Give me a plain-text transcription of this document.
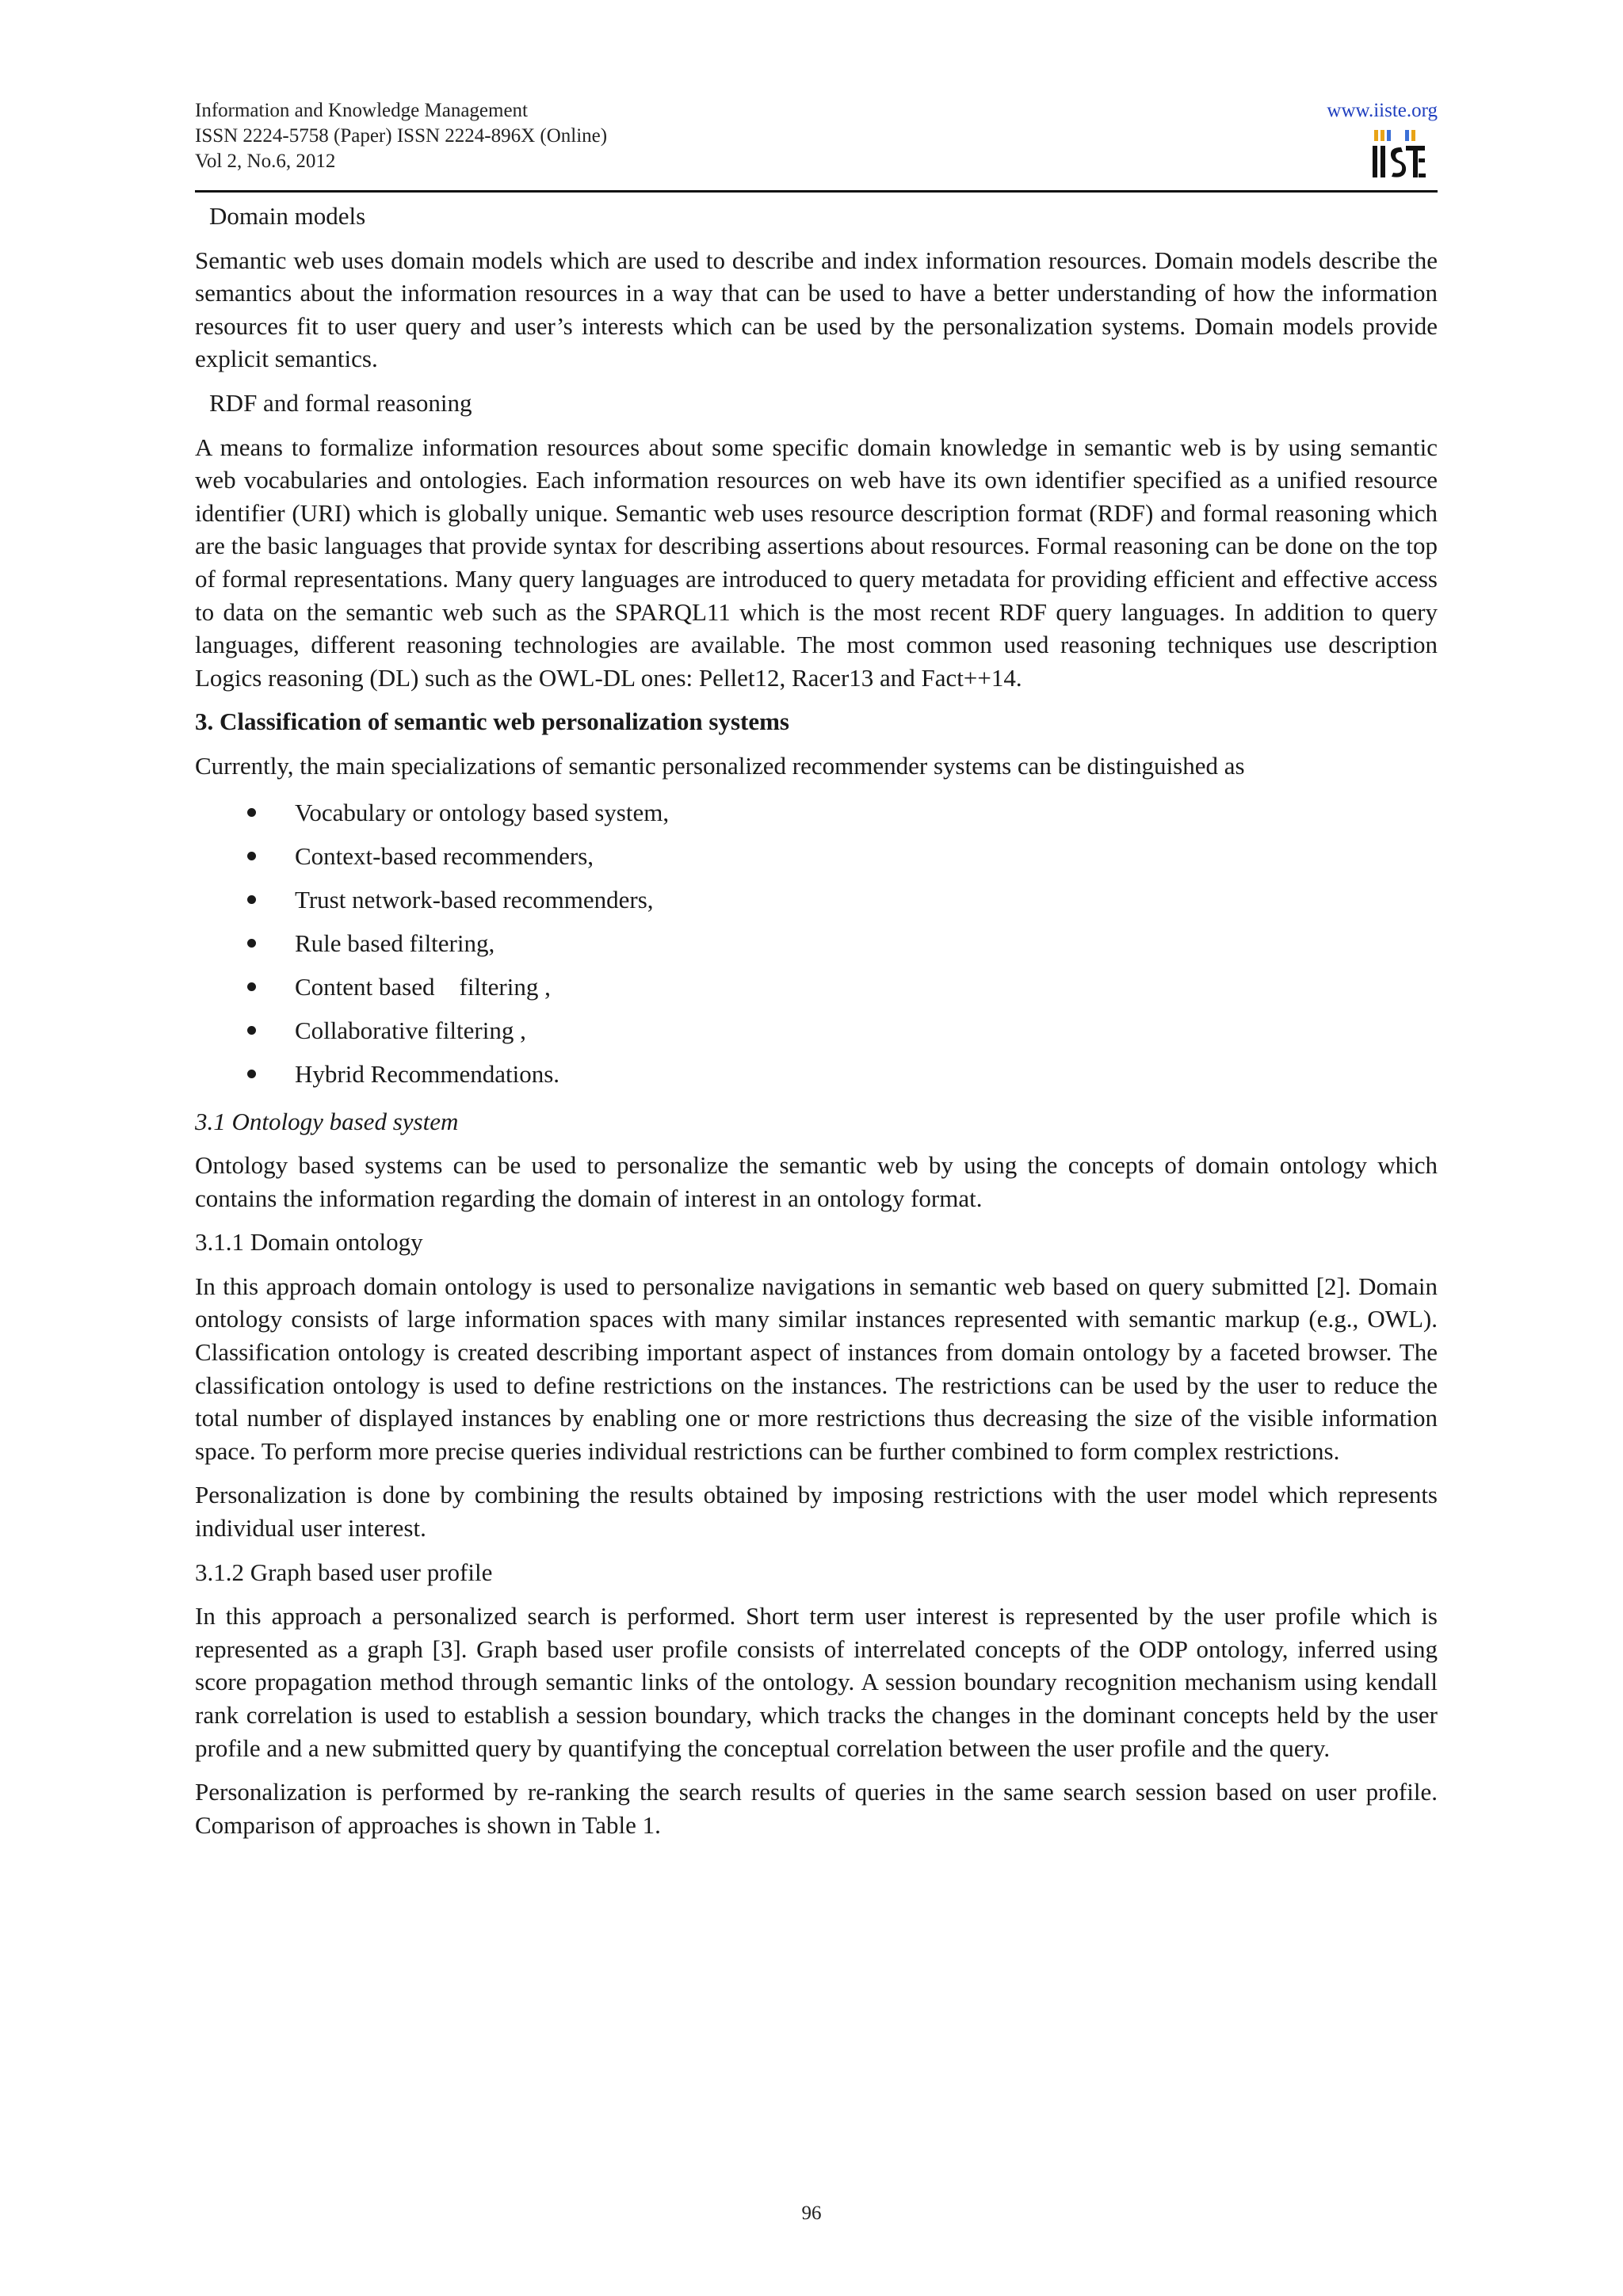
Information and Knowledge Management
ISSN 2224-5758 (Paper) ISSN 2224-896X (Online)
Vol 2, No.6, 2012
www.iiste.org

Domain models

Semantic web uses domain models which are used to describe and index information resources. Domain models describe the semantics about the information resources in a way that can be used to have a better understanding of how the information resources fit to user query and user’s interests which can be used by the personalization systems. Domain models provide explicit semantics.

RDF and formal reasoning

A means to formalize information resources about some specific domain knowledge in semantic web is by using semantic web vocabularies and ontologies. Each information resources on web have its own identifier specified as a unified resource identifier (URI) which is globally unique. Semantic web uses resource description format (RDF) and formal reasoning which are the basic languages that provide syntax for describing assertions about resources. Formal reasoning can be done on the top of formal representations. Many query languages are introduced to query metadata for providing efficient and effective access to data on the semantic web such as the SPARQL11 which is the most recent RDF query languages. In addition to query languages, different reasoning technologies are available. The most common used reasoning techniques use description Logics reasoning (DL) such as the OWL-DL ones: Pellet12, Racer13 and Fact++14.

3. Classification of semantic web personalization systems

Currently, the main specializations of semantic personalized recommender systems can be distinguished as

Vocabulary or ontology based system,
Context-based recommenders,
Trust network-based recommenders,
Rule based filtering,
Content based    filtering ,
Collaborative filtering ,
Hybrid Recommendations.

3.1 Ontology based system

Ontology based systems can be used to personalize the semantic web by using the concepts of domain ontology which contains the information regarding the domain of interest in an ontology format.

3.1.1 Domain ontology

In this approach domain ontology is used to personalize navigations in semantic web based on query submitted [2]. Domain ontology consists of large information spaces with many similar instances represented with semantic markup (e.g., OWL). Classification ontology is created describing important aspect of instances from domain ontology by a faceted browser. The classification ontology is used to define restrictions on the instances. The restrictions can be used by the user to reduce the total number of displayed instances by enabling one or more restrictions thus decreasing the size of the visible information space. To perform more precise queries individual restrictions can be further combined to form complex restrictions.

Personalization is done by combining the results obtained by imposing restrictions with the user model which represents individual user interest.

3.1.2 Graph based user profile

In this approach a personalized search is performed. Short term user interest is represented by the user profile which is represented as a graph [3]. Graph based user profile consists of interrelated concepts of the ODP ontology, inferred using score propagation method through semantic links of the ontology. A session boundary recognition mechanism using kendall rank correlation is used to establish a session boundary, which tracks the changes in the dominant concepts held by the user profile and a new submitted query by quantifying the conceptual correlation between the user profile and the query.

Personalization is performed by re-ranking the search results of queries in the same search session based on user profile. Comparison of approaches is shown in Table 1.

96
